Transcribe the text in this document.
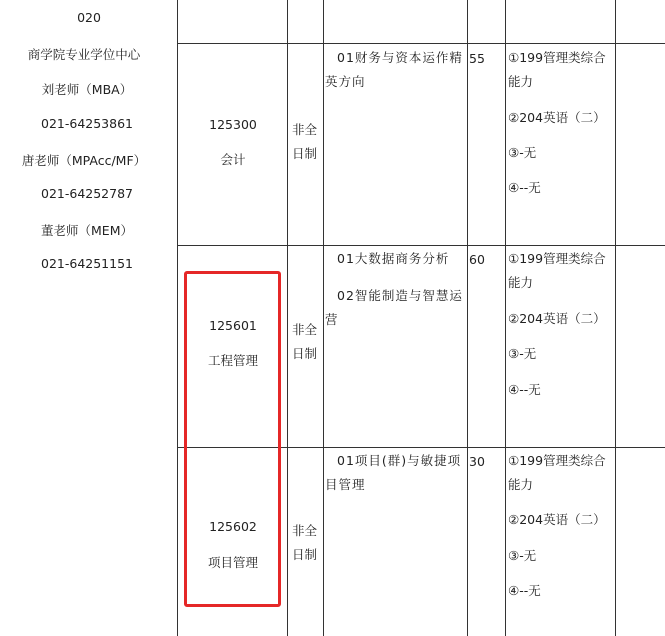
020
商学院专业学位中心
刘老师（MBA）
021-64253861
唐老师（MPAcc/MF）
021-64252787
董老师（MEM）
021-64251151
125300
会计
非全日制
01财务与资本运作精英方向
55 ①199管理类综合能力
②204英语（二）
③-无
④--无
125601
工程管理
非全日制
01大数据商务分析
02智能制造与智慧运营
60 ①199管理类综合能力
②204英语（二）
③-无
④--无
125602
项目管理
非全日制
01项目(群)与敏捷项目管理
30 ①199管理类综合能力
②204英语（二）
③-无
④--无
